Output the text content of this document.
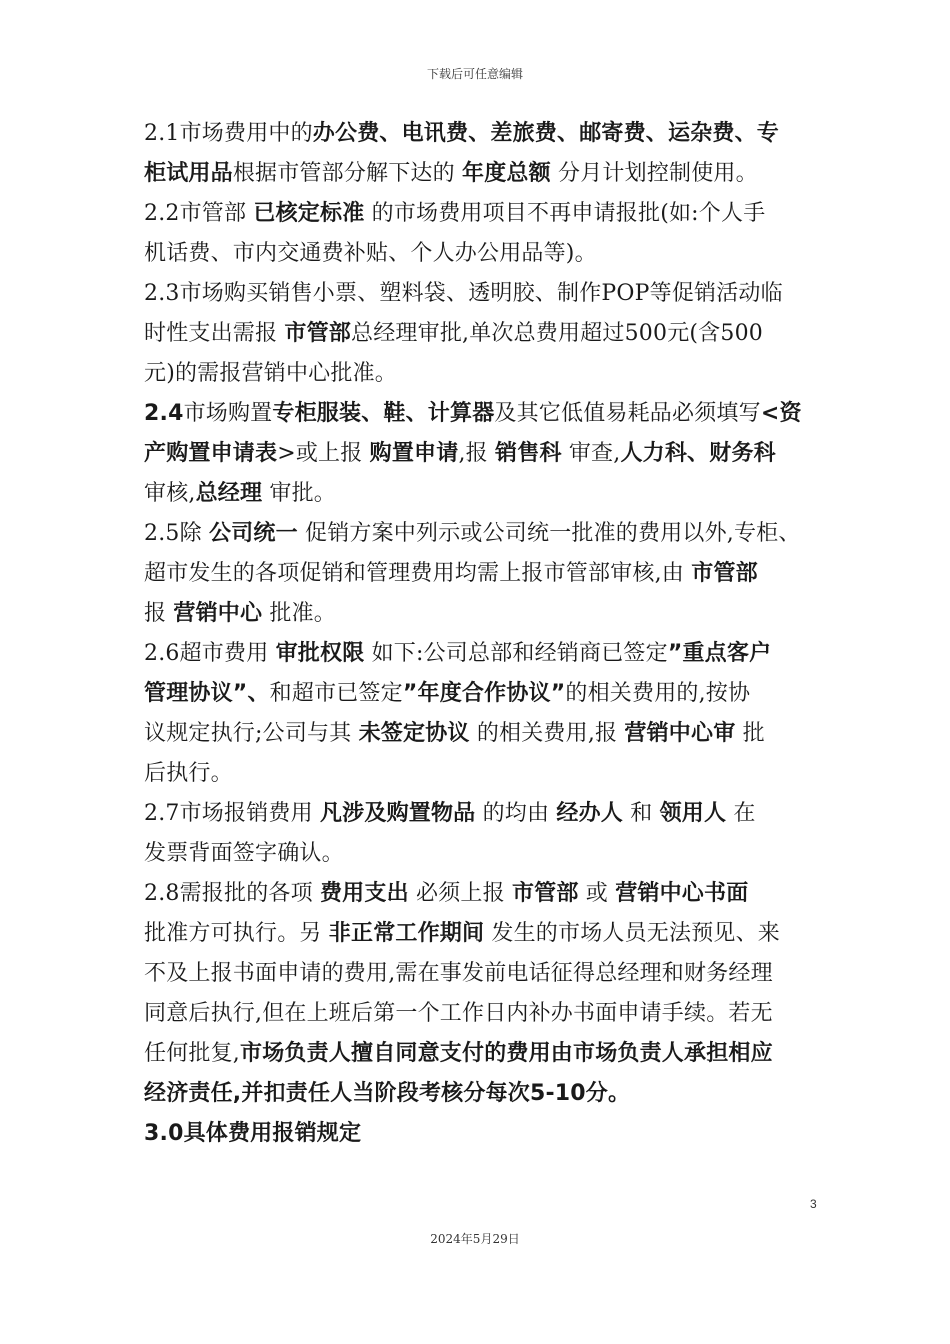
下载后可任意编辑
2.1市场费用中的办公费、电讯费、差旅费、邮寄费、运杂费、专
柜试用品根据市管部分解下达的 年度总额 分月计划控制使用。
2.2市管部 已核定标准 的市场费用项目不再申请报批(如:个人手
机话费、市内交通费补贴、个人办公用品等)。
2.3市场购买销售小票、塑料袋、透明胶、制作POP等促销活动临
时性支出需报 市管部总经理审批,单次总费用超过500元(含500
元)的需报营销中心批准。
2.4市场购置专柜服装、鞋、计算器及其它低值易耗品必须填写<资
产购置申请表>或上报 购置申请,报 销售科 审查,人力科、财务科
审核,总经理 审批。
2.5除 公司统一 促销方案中列示或公司统一批准的费用以外,专柜、
超市发生的各项促销和管理费用均需上报市管部审核,由 市管部
报 营销中心 批准。
2.6超市费用 审批权限 如下:公司总部和经销商已签定”重点客户
管理协议”、和超市已签定”年度合作协议”的相关费用的,按协
议规定执行;公司与其 未签定协议 的相关费用,报 营销中心审 批
后执行。
2.7市场报销费用 凡涉及购置物品 的均由 经办人 和 领用人 在
发票背面签字确认。
2.8需报批的各项 费用支出 必须上报 市管部 或 营销中心书面
批准方可执行。另 非正常工作期间 发生的市场人员无法预见、来
不及上报书面申请的费用,需在事发前电话征得总经理和财务经理
同意后执行,但在上班后第一个工作日内补办书面申请手续。若无
任何批复,市场负责人擅自同意支付的费用由市场负责人承担相应
经济责任,并扣责任人当阶段考核分每次5-10分。
3.0具体费用报销规定
3
2024年5月29日
